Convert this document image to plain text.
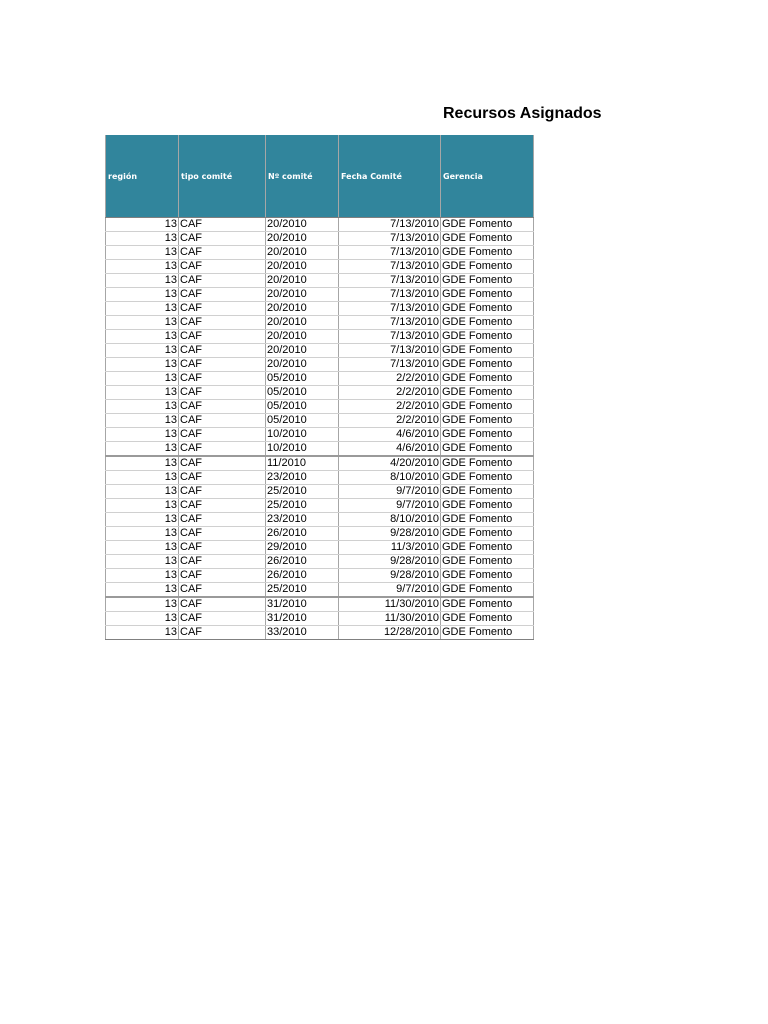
Recursos Asignados
región	tipo comité	Nº comité	Fecha Comité	Gerencia
13	CAF	20/2010	7/13/2010	GDE Fomento
13	CAF	20/2010	7/13/2010	GDE Fomento
13	CAF	20/2010	7/13/2010	GDE Fomento
13	CAF	20/2010	7/13/2010	GDE Fomento
13	CAF	20/2010	7/13/2010	GDE Fomento
13	CAF	20/2010	7/13/2010	GDE Fomento
13	CAF	20/2010	7/13/2010	GDE Fomento
13	CAF	20/2010	7/13/2010	GDE Fomento
13	CAF	20/2010	7/13/2010	GDE Fomento
13	CAF	20/2010	7/13/2010	GDE Fomento
13	CAF	20/2010	7/13/2010	GDE Fomento
13	CAF	05/2010	2/2/2010	GDE Fomento
13	CAF	05/2010	2/2/2010	GDE Fomento
13	CAF	05/2010	2/2/2010	GDE Fomento
13	CAF	05/2010	2/2/2010	GDE Fomento
13	CAF	10/2010	4/6/2010	GDE Fomento
13	CAF	10/2010	4/6/2010	GDE Fomento
13	CAF	11/2010	4/20/2010	GDE Fomento
13	CAF	23/2010	8/10/2010	GDE Fomento
13	CAF	25/2010	9/7/2010	GDE Fomento
13	CAF	25/2010	9/7/2010	GDE Fomento
13	CAF	23/2010	8/10/2010	GDE Fomento
13	CAF	26/2010	9/28/2010	GDE Fomento
13	CAF	29/2010	11/3/2010	GDE Fomento
13	CAF	26/2010	9/28/2010	GDE Fomento
13	CAF	26/2010	9/28/2010	GDE Fomento
13	CAF	25/2010	9/7/2010	GDE Fomento
13	CAF	31/2010	11/30/2010	GDE Fomento
13	CAF	31/2010	11/30/2010	GDE Fomento
13	CAF	33/2010	12/28/2010	GDE Fomento
